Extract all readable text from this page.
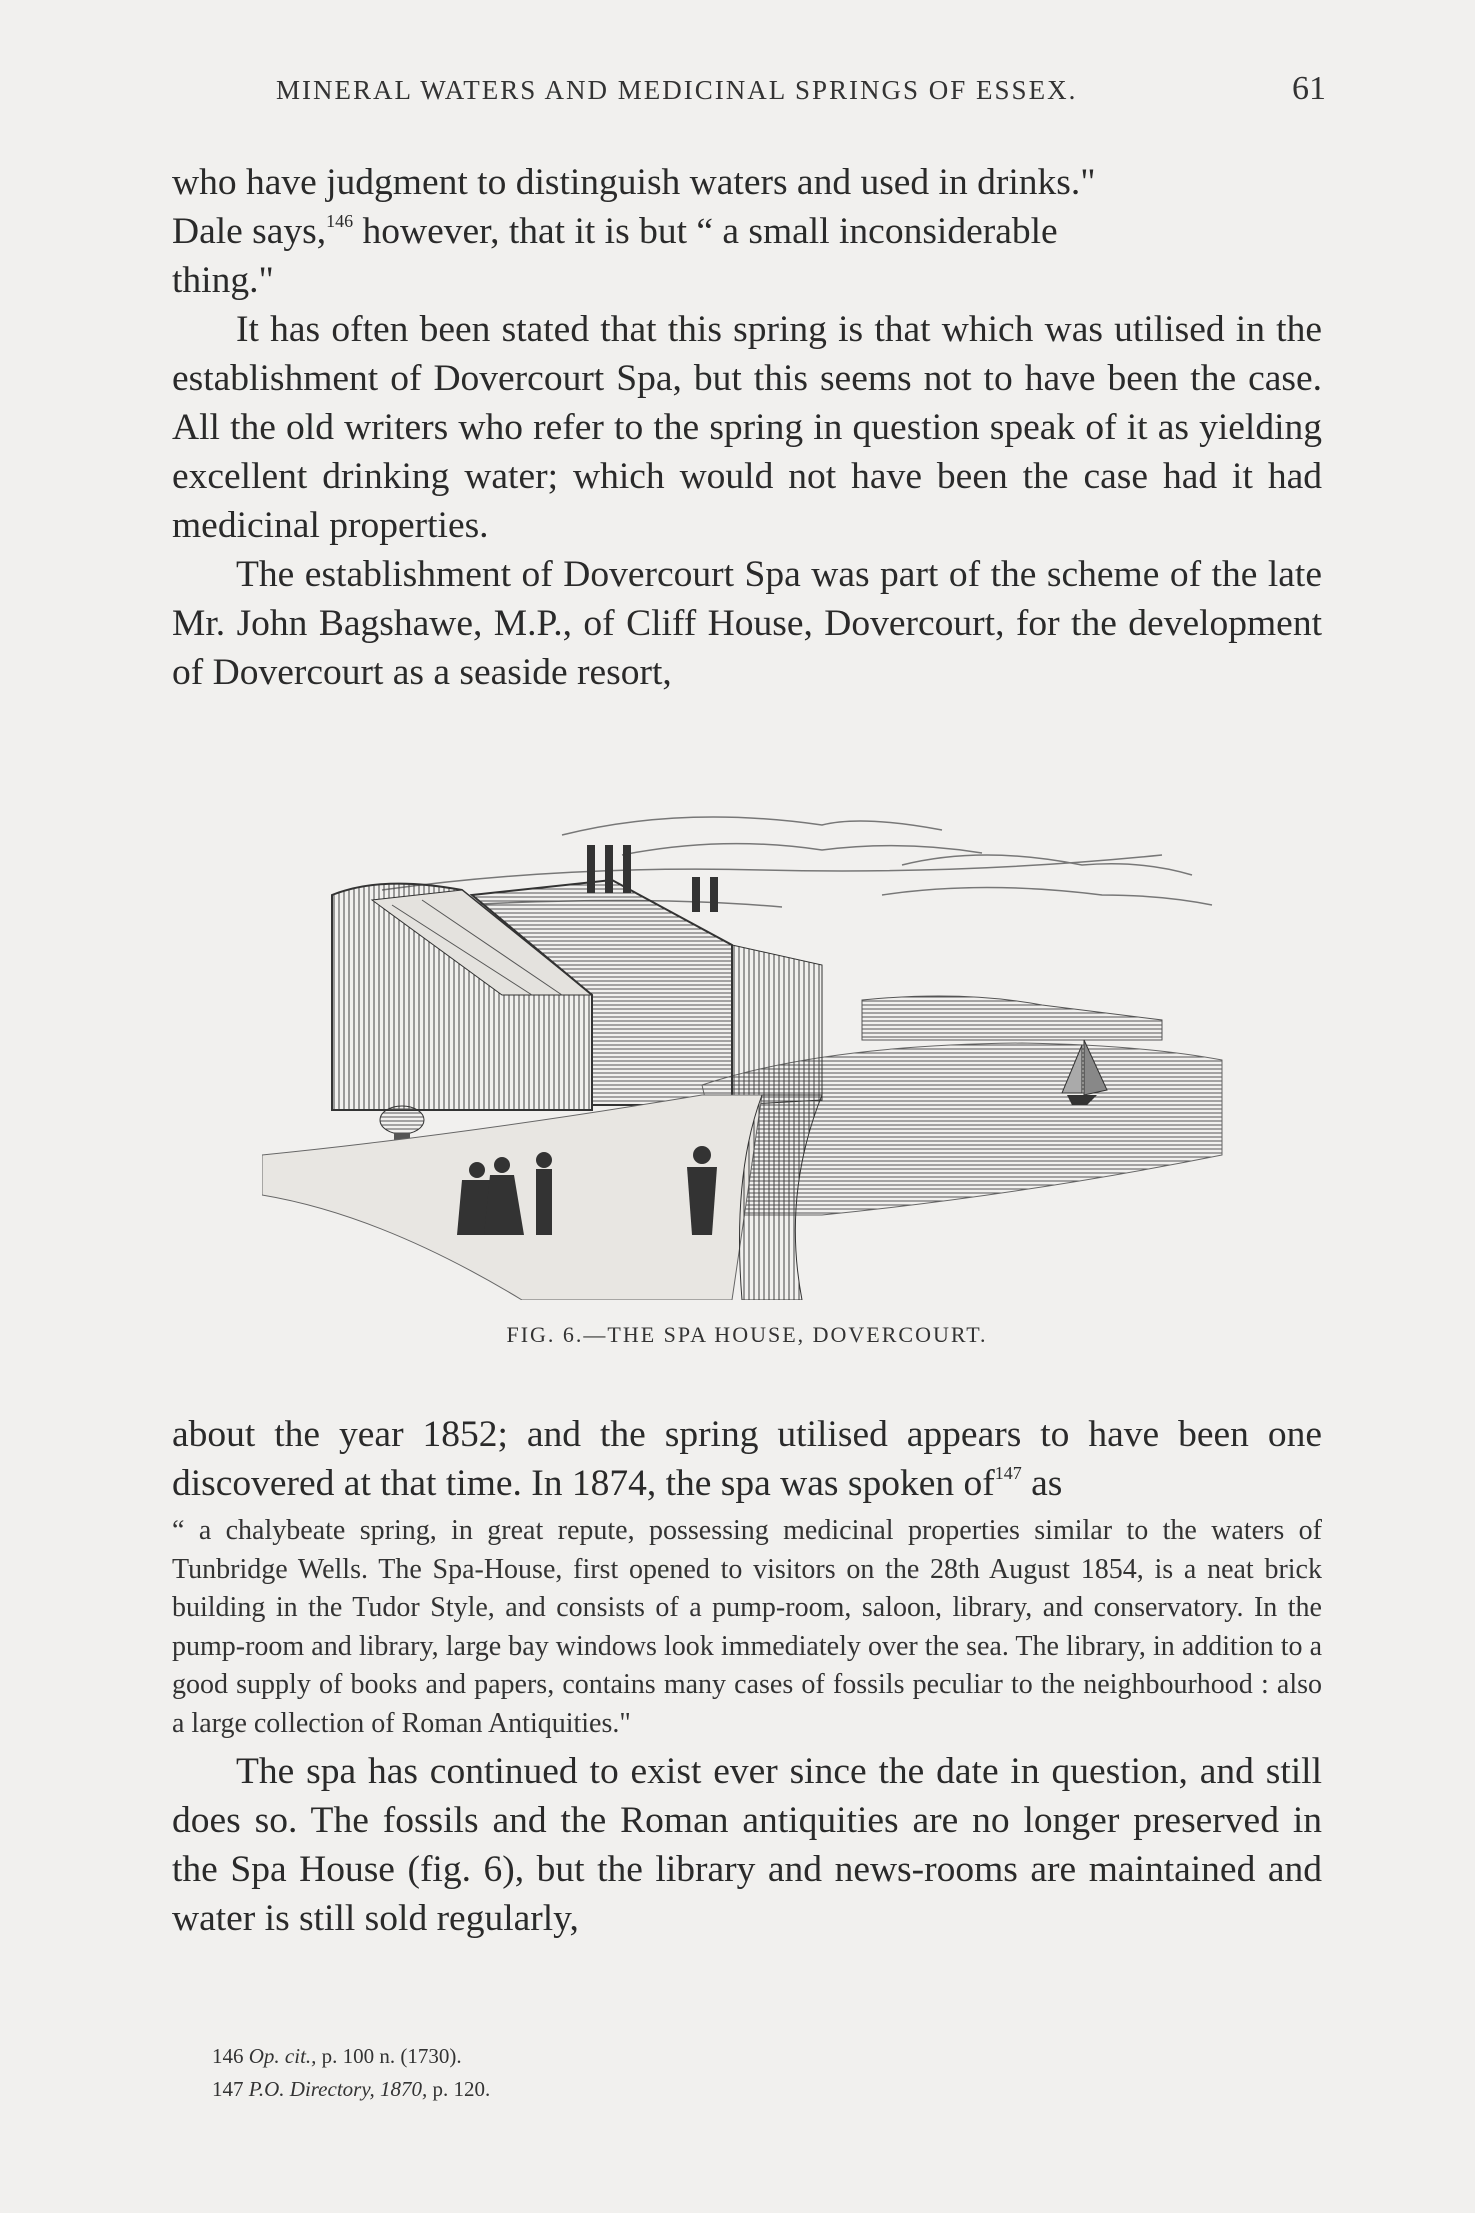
MINERAL WATERS AND MEDICINAL SPRINGS OF ESSEX.	61

who have judgment to distinguish waters and used in drinks."
Dale says,$^{146}$ however, that it is but “ a small inconsiderable
thing."

It has often been stated that this spring is that which was utilised in the establishment of Dovercourt Spa, but this seems not to have been the case. All the old writers who refer to the spring in question speak of it as yielding excellent drinking water; which would not have been the case had it had medicinal properties.

The establishment of Dovercourt Spa was part of the scheme of the late Mr. John Bagshawe, M.P., of Cliff House, Dovercourt, for the development of Dovercourt as a seaside resort,

FIG. 6.—THE SPA HOUSE, DOVERCOURT.

about the year 1852; and the spring utilised appears to have been one discovered at that time. In 1874, the spa was spoken $of^{147}$ as

“ a chalybeate spring, in great repute, possessing medicinal properties similar to the waters of Tunbridge Wells. The Spa-House, first opened to visitors on the 28th August 1854, is a neat brick building in the Tudor Style, and consists of a pump-room, saloon, library, and conservatory. In the pump-room and library, large bay windows look immediately over the sea. The library, in addition to a good supply of books and papers, contains many cases of fossils peculiar to the neighbourhood : also a large collection of Roman Antiquities."

The spa has continued to exist ever since the date in question, and still does so. The fossils and the Roman antiquities are no longer preserved in the Spa House (fig. 6), but the library and news-rooms are maintained and water is still sold regularly,

146 Op. cit., p. 100 n. (1730).
147 P.O. Directory, 1870, p. 120.
